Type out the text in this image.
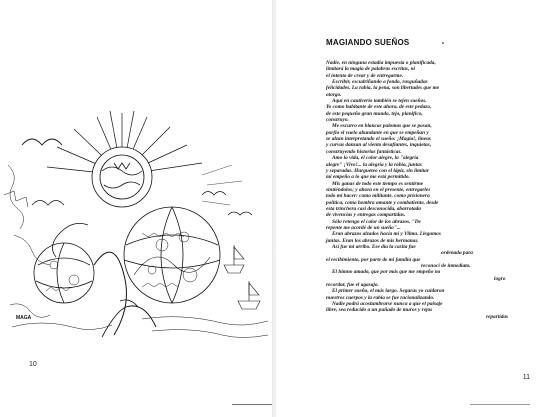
MAGA
10
MAGIANDO SUEÑOS
Nadie, en ninguna estadía impuesta o planificada,
limitará la magia de palabras escritas, ni
el intento de crear y de entregarme.
Escribir, escudriñando a fondo, rasguñadas
felicidades. La rabia, la pena, son libertades que me
otorgo.
Aquí en cautiverio también se tejen sueños.
Yo como habitante de este ahora, de este pedazo,
de este pequeño gran mundo, tejo, planifico,
construyo.
Me escurro en blancas palomas que se posan,
porfío el vuelo abundante en que se empeñan y
se alzan interpretando el sueño: ¡Magia!, líneas
y curvas danzan al viento desafiantes, inquietas,
construyendo historias fantásticas.
Amo la vida, el color alegre, la "alegría
alegre" ¡Vivo!... la alegría y la rabia, juntas
y separadas. Hurgueteo con el lápiz, sin limitar
mi empeño a lo que me está permitido.
Mis ganas de todo este tiempo es sentirme
sintiéndolos; y ahora en el presente, entregarles
todo mi hacer: como militante, como prisionera
política, como hembra amante y combatiente, desde
esta trinchera casi desconocida, abarrotada
de vivencias y entregas compartidas.
Sólo retengo el calor de los abrazos. "De
repente me acordé de un sueño"...
Eran abrazos alzados hacia mí y Vilma. Llegamos
juntas. Eran los abrazos de mis hermanas.
Así fue mi arribo. Ese día la casita fue
ordenada para
el recibimiento, por parte de mi familia que
reconocí de inmediato.
El himno amado, que por más que me empeño no
logro
recordar, fue el agasajo.
El primer sueño, el más largo. Seguras yo cuidaron
nuestros cuerpos y la rabia se fue racionalizando.
Nadie podrá acostumbrarse nunca a que el paisaje
libre, sea reducido a un puñado de muros y rejas
repartidas
11
